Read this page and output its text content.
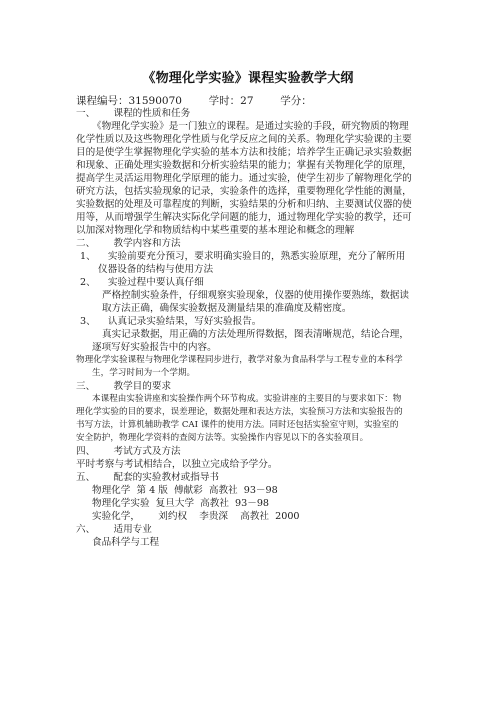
《物理化学实验》课程实验教学大纲
课程编号：31590070        学时：27        学分：
一、      课程的性质和任务
《物理化学实验》是一门独立的课程。是通过实验的手段，研究物质的物理
化学性质以及这些物理化学性质与化学反应之间的关系。物理化学实验课的主要
目的是使学生掌握物理化学实验的基本方法和技能；培养学生正确记录实验数据
和现象、正确处理实验数据和分析实验结果的能力；掌握有关物理化学的原理，
提高学生灵活运用物理化学原理的能力。通过实验，使学生初步了解物理化学的
研究方法，包括实验现象的记录，实验条件的选择，重要物理化学性能的测量，
实验数据的处理及可靠程度的判断，实验结果的分析和归纳、主要测试仪器的使
用等，从而增强学生解决实际化学问题的能力，通过物理化学实验的教学，还可
以加深对物理化学和物质结构中某些重要的基本理论和概念的理解
二、      教学内容和方法
1、    实验前要充分预习，要求明确实验目的，熟悉实验原理，充分了解所用
仪器设备的结构与使用方法
2、    实验过程中要认真仔细
严格控制实验条件，仔细观察实验现象，仪器的使用操作要熟练，数据读
取方法正确，确保实验数据及测量结果的准确度及精密度。
3、    认真记录实验结果，写好实验报告。
真实记录数据，用正确的方法处理所得数据，图表清晰规范，结论合理，
逐项写好实验报告中的内容。
物理化学实验课程与物理化学课程同步进行，教学对象为食品科学与工程专业的本科学
生，学习时间为一个学期。
三、      教学目的要求
本课程由实验讲座和实验操作两个环节构成。实验讲座的主要目的与要求如下：物
理化学实验的目的要求，误差理论，数据处理和表达方法，实验预习方法和实验报告的
书写方法，计算机辅助教学 CAI 课件的使用方法。同时还包括实验室守则，实验室的
安全防护，物理化学资料的查阅方法等。实验操作内容见以下的各实验项目。
四、      考试方式及方法
平时考察与考试相结合，以独立完成给予学分。
五、      配套的实验教材或指导书
物理化学  第 4 版  傅献彩  高教社  93－98
物理化学实验  复旦大学  高教社  93－98
实验化学，      刘约权    李贵深    高教社  2000
六、      适用专业
食品科学与工程
